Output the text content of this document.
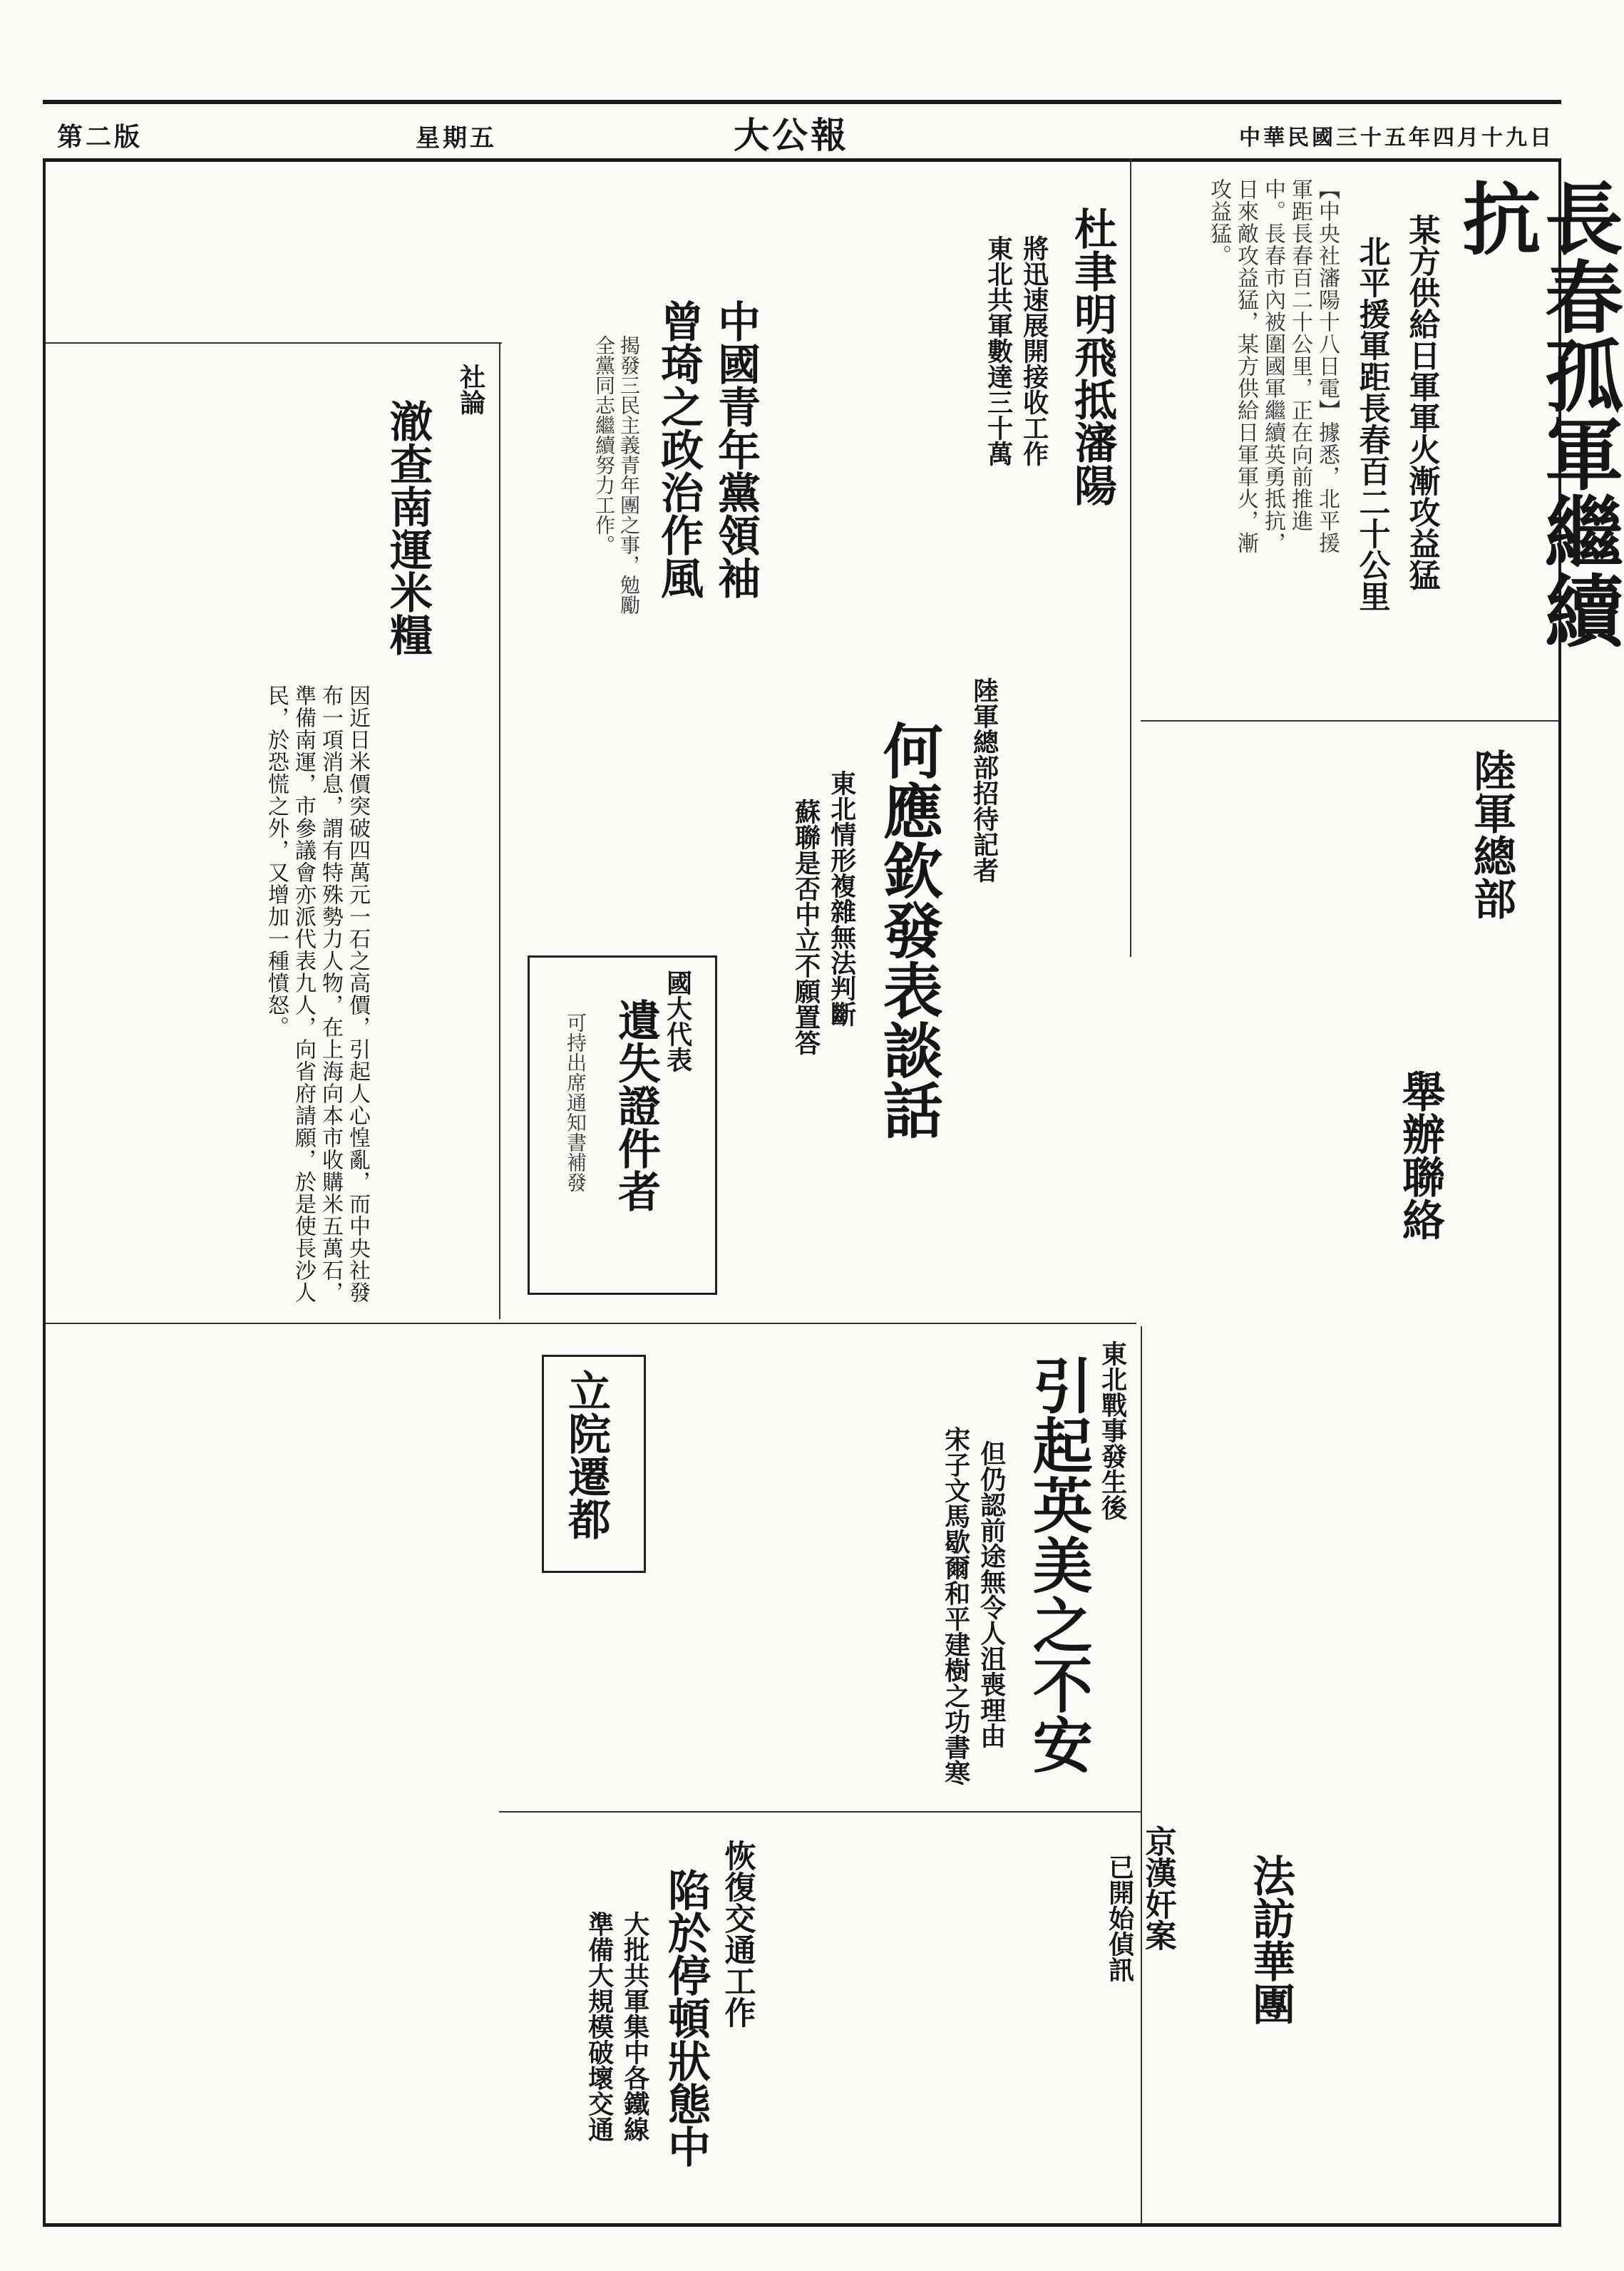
中華民國三十五年四月十九日
大公報
星期五
第二版
長春孤軍繼續抗
某方供給日軍軍火漸攻益猛
北平援軍距長春百二十公里
【中央社瀋陽十八日電】據悉，北平援軍距長春百二十公里，正在向前推進中。長春市內被圍國軍繼續英勇抵抗，日來敵攻益猛，某方供給日軍軍火，漸攻益猛。
陸軍總部
舉辦聯絡
杜聿明飛抵瀋陽
將迅速展開接收工作
東北共軍數達三十萬
陸軍總部招待記者
何應欽發表談話
東北情形複雜無法判斷
蘇聯是否中立不願置答
中國青年黨領袖
曾琦之政治作風
揭發三民主義青年團之事，勉勵全黨同志繼續努力工作。
社論
澈查南運米糧
因近日米價突破四萬元一石之高價，引起人心惶亂，而中央社發布一項消息，謂有特殊勢力人物，在上海向本市收購米五萬石，準備南運，市參議會亦派代表九人，向省府請願，於是使長沙人民，於恐慌之外，又增加一種憤怒。	國大代表
遺失證件者
可持出席通知書補發
立院遷都	東北戰事發生後
引起英美之不安
但仍認前途無令人沮喪理由
宋子文馬歇爾和平建樹之功書寒
恢復交通工作
陷於停頓狀態中
大批共軍集中各鐵線
準備大規模破壞交通
京漢奸案
已開始偵訊	法訪華團
